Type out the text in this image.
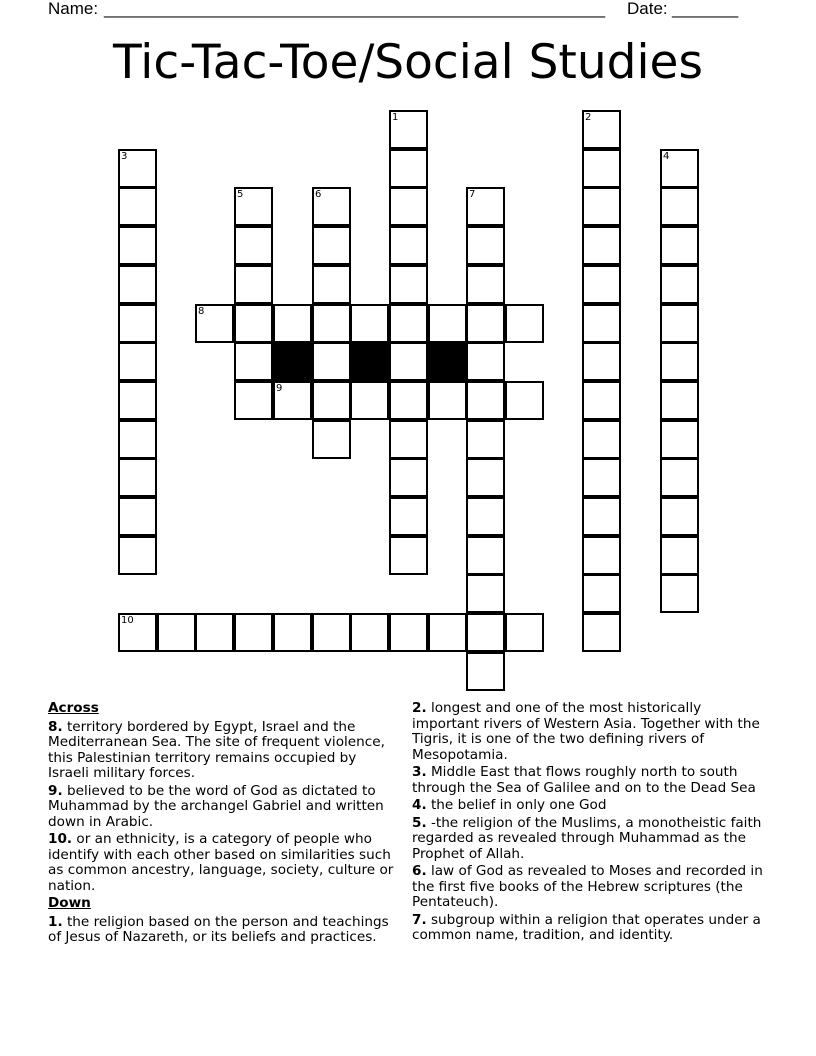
Name: _____________________________________________________ Date: _______
Tic-Tac-Toe/Social Studies
3
5	6
1
7
2
4
8
9
10
Across
8. territory bordered by Egypt, Israel and the Mediterranean Sea. The site of frequent violence, this Palestinian territory remains occupied by Israeli military forces.
9. believed to be the word of God as dictated to Muhammad by the archangel Gabriel and written down in Arabic.
10. or an ethnicity, is a category of people who identify with each other based on similarities such as common ancestry, language, society, culture or nation.
Down
1. the religion based on the person and teachings of Jesus of Nazareth, or its beliefs and practices.
2. longest and one of the most historically important rivers of Western Asia. Together with the Tigris, it is one of the two defining rivers of Mesopotamia.
3. Middle East that flows roughly north to south through the Sea of Galilee and on to the Dead Sea
4. the belief in only one God
5. -the religion of the Muslims, a monotheistic faith regarded as revealed through Muhammad as the Prophet of Allah.
6. law of God as revealed to Moses and recorded in the first five books of the Hebrew scriptures (the Pentateuch).
7. subgroup within a religion that operates under a common name, tradition, and identity.
